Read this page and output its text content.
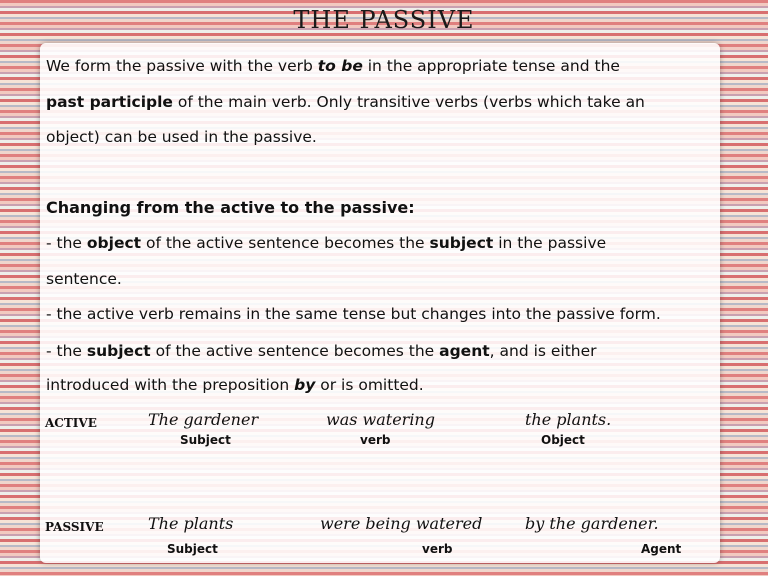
THE PASSIVE
We form the passive with the verb to be in the appropriate tense and the
past participle of the main verb. Only transitive verbs (verbs which take an
object) can be used in the passive.
Changing from the active to the passive:
- the object of the active sentence becomes the subject in the passive
sentence.
- the active verb remains in the same tense but changes into the passive form.
- the subject of the active sentence becomes the agent, and is either
introduced with the preposition by or is omitted.
ACTIVE	The gardener	was watering	the plants.
Subject	verb	Object
PASSIVE	The plants	were being watered	by the gardener.
Subject	verb	Agent
